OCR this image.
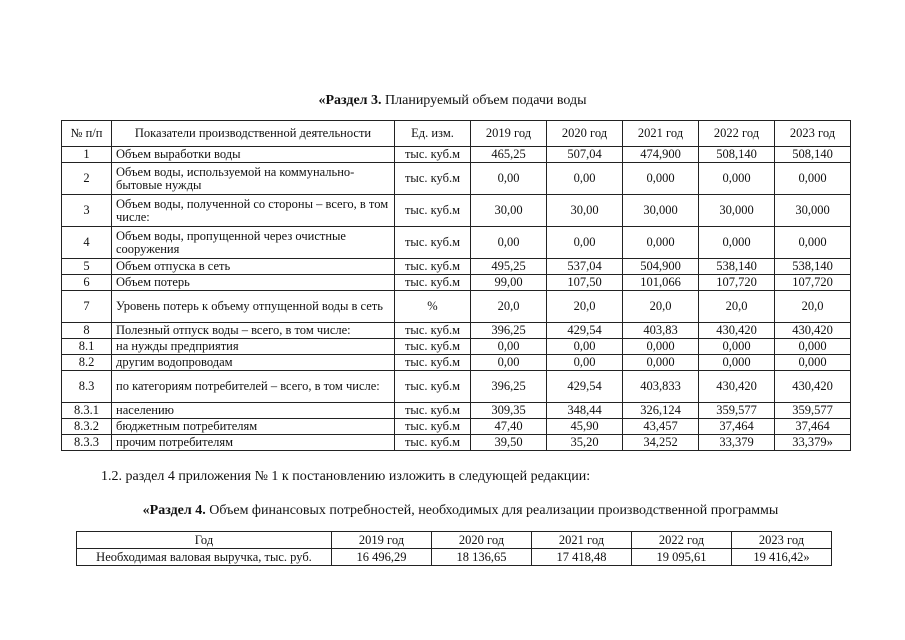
«Раздел 3. Планируемый объем подачи воды
№ п/п	Показатели производственной деятельности	Ед. изм.	2019 год	2020 год	2021 год	2022 год	2023 год
1	Объем выработки воды	тыс. куб.м	465,25	507,04	474,900	508,140	508,140
2	Объем воды, используемой на коммунально-бытовые нужды	тыс. куб.м	0,00	0,00	0,000	0,000	0,000
3	Объем воды, полученной со стороны – всего, в том числе:	тыс. куб.м	30,00	30,00	30,000	30,000	30,000
4	Объем воды, пропущенной через очистные сооружения	тыс. куб.м	0,00	0,00	0,000	0,000	0,000
5	Объем отпуска в сеть	тыс. куб.м	495,25	537,04	504,900	538,140	538,140
6	Объем потерь	тыс. куб.м	99,00	107,50	101,066	107,720	107,720
7	Уровень потерь к объему отпущенной воды в сеть	%	20,0	20,0	20,0	20,0	20,0
8	Полезный отпуск воды – всего, в том числе:	тыс. куб.м	396,25	429,54	403,83	430,420	430,420
8.1	на нужды предприятия	тыс. куб.м	0,00	0,00	0,000	0,000	0,000
8.2	другим водопроводам	тыс. куб.м	0,00	0,00	0,000	0,000	0,000
8.3	по категориям потребителей – всего, в том числе:	тыс. куб.м	396,25	429,54	403,833	430,420	430,420
8.3.1	населению	тыс. куб.м	309,35	348,44	326,124	359,577	359,577
8.3.2	бюджетным потребителям	тыс. куб.м	47,40	45,90	43,457	37,464	37,464
8.3.3	прочим потребителям	тыс. куб.м	39,50	35,20	34,252	33,379	33,379»
1.2. раздел 4 приложения № 1 к постановлению изложить в следующей редакции:
«Раздел 4. Объем финансовых потребностей, необходимых для реализации производственной программы
Год	2019 год	2020 год	2021 год	2022 год	2023 год
Необходимая валовая выручка, тыс. руб.	16 496,29	18 136,65	17 418,48	19 095,61	19 416,42»
